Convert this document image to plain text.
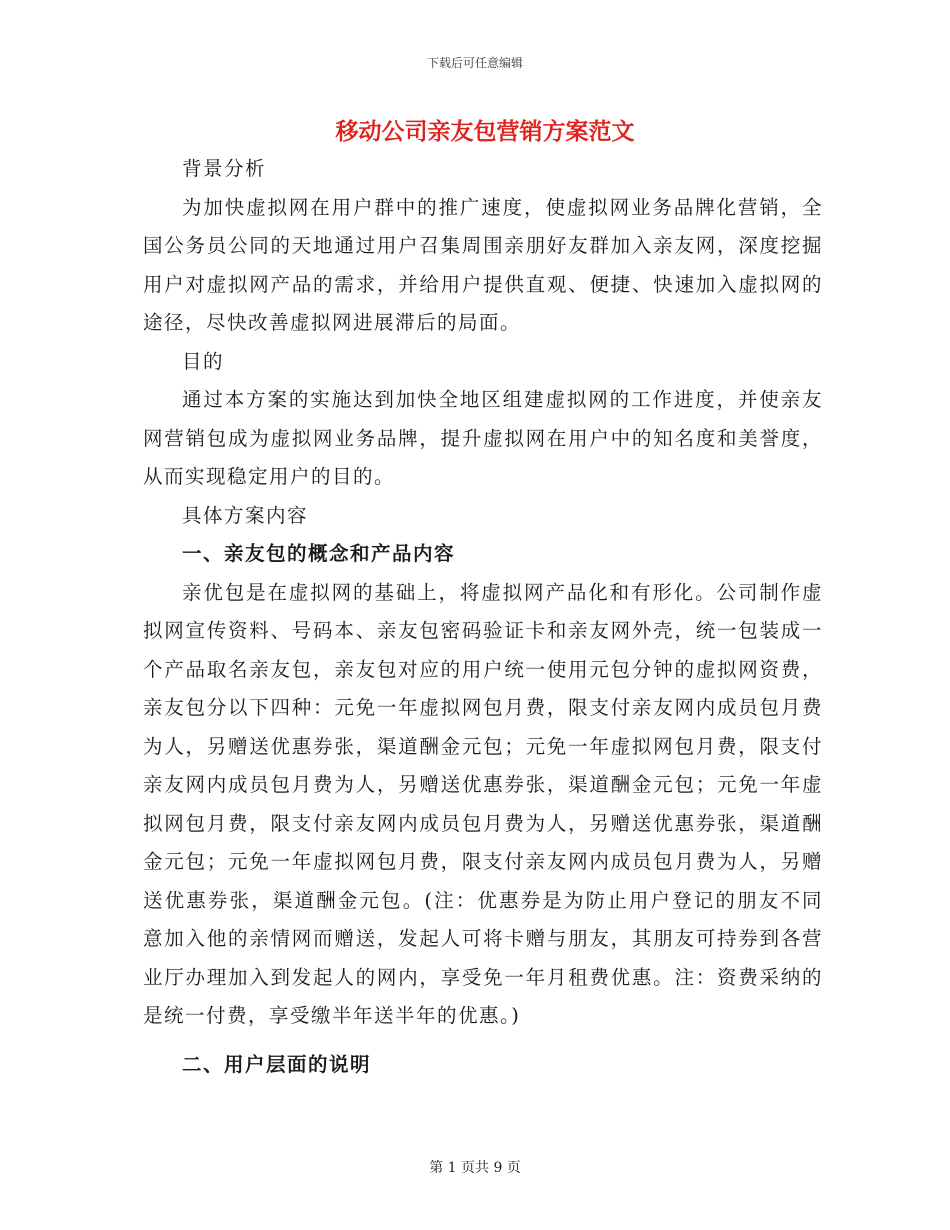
下载后可任意编辑
移动公司亲友包营销方案范文

背景分析

为加快虚拟网在用户群中的推广速度，使虚拟网业务品牌化营销，全国公务员公同的天地通过用户召集周围亲朋好友群加入亲友网，深度挖掘用户对虚拟网产品的需求，并给用户提供直观、便捷、快速加入虚拟网的途径，尽快改善虚拟网进展滞后的局面。

目的

通过本方案的实施达到加快全地区组建虚拟网的工作进度，并使亲友网营销包成为虚拟网业务品牌，提升虚拟网在用户中的知名度和美誉度，从而实现稳定用户的目的。

具体方案内容

一、亲友包的概念和产品内容

亲优包是在虚拟网的基础上，将虚拟网产品化和有形化。公司制作虚拟网宣传资料、号码本、亲友包密码验证卡和亲友网外壳，统一包装成一个产品取名亲友包，亲友包对应的用户统一使用元包分钟的虚拟网资费，亲友包分以下四种：元免一年虚拟网包月费，限支付亲友网内成员包月费为人，另赠送优惠券张，渠道酬金元包；元免一年虚拟网包月费，限支付亲友网内成员包月费为人，另赠送优惠券张，渠道酬金元包；元免一年虚拟网包月费，限支付亲友网内成员包月费为人，另赠送优惠券张，渠道酬金元包；元免一年虚拟网包月费，限支付亲友网内成员包月费为人，另赠送优惠券张，渠道酬金元包。(注：优惠券是为防止用户登记的朋友不同意加入他的亲情网而赠送，发起人可将卡赠与朋友，其朋友可持券到各营业厅办理加入到发起人的网内，享受免一年月租费优惠。注：资费采纳的是统一付费，享受缴半年送半年的优惠。)

二、用户层面的说明

第 1 页共 9 页
